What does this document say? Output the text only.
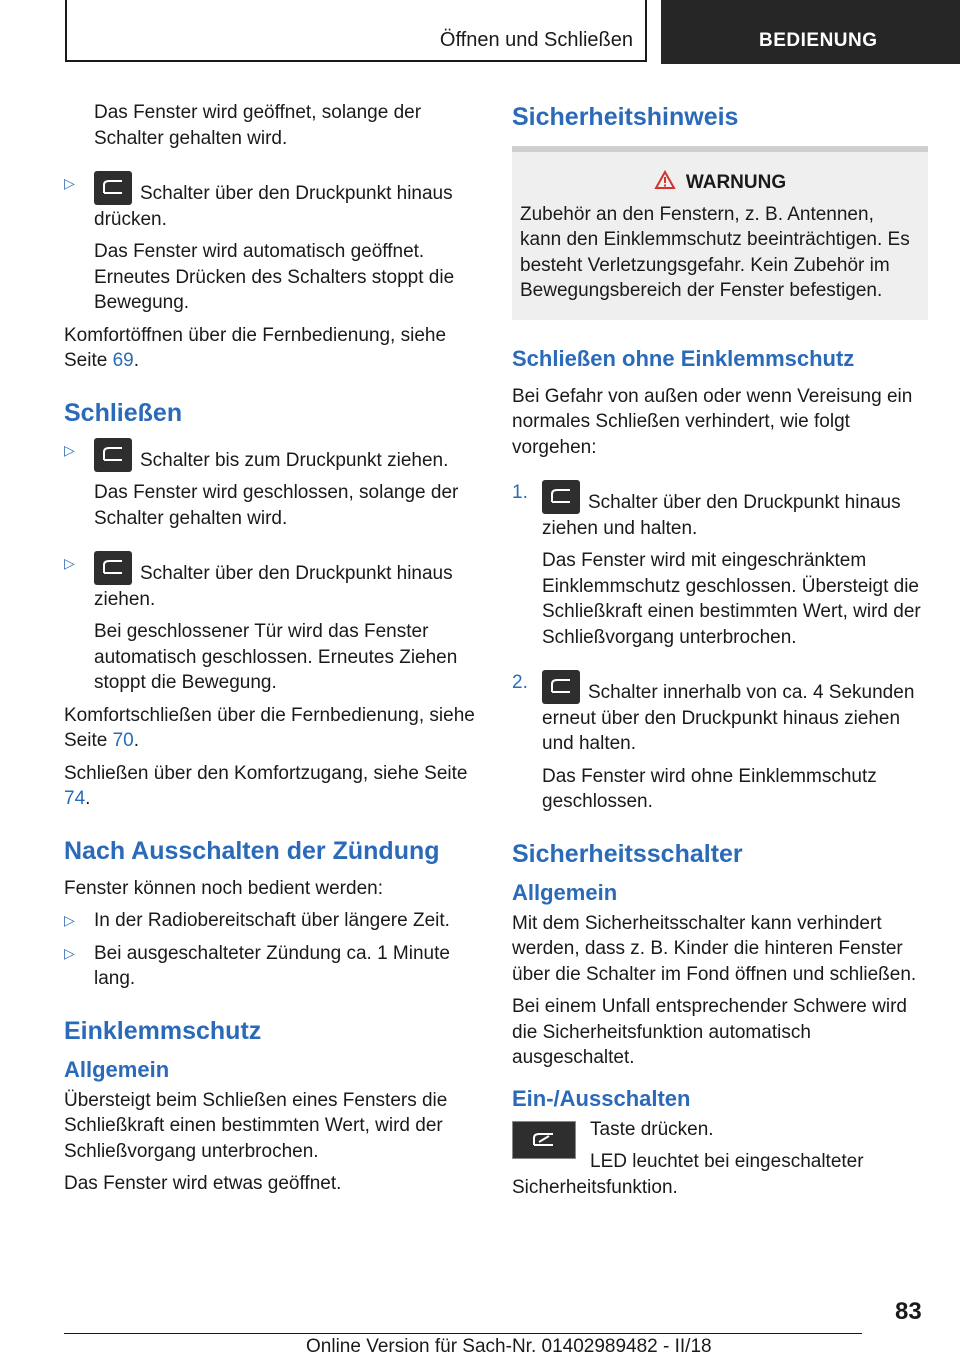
Öffnen und Schließen	BEDIENUNG

Das Fenster wird geöffnet, solange der Schalter gehalten wird.

▷	Schalter über den Druckpunkt hinaus drücken.

Das Fenster wird automatisch geöffnet. Erneutes Drücken des Schalters stoppt die Bewegung.

Komfortöffnen über die Fernbedienung, siehe Seite 69.

Schließen
▷	Schalter bis zum Druckpunkt ziehen.

Das Fenster wird geschlossen, solange der Schalter gehalten wird.

▷	Schalter über den Druckpunkt hinaus ziehen.

Bei geschlossener Tür wird das Fenster automatisch geschlossen. Erneutes Ziehen stoppt die Bewegung.

Komfortschließen über die Fernbedienung, siehe Seite 70.

Schließen über den Komfortzugang, siehe Seite 74.

Nach Ausschalten der Zündung

Fenster können noch bedient werden:

▷ In der Radiobereitschaft über längere Zeit.
▷ Bei ausgeschalteter Zündung ca. 1 Minute lang.
Einklemmschutz
Allgemein

Übersteigt beim Schließen eines Fensters die Schließkraft einen bestimmten Wert, wird der Schließvorgang unterbrochen.

Das Fenster wird etwas geöffnet.

Sicherheitshinweis
WARNUNG
Zubehör an den Fenstern, z. B. Antennen, kann den Einklemmschutz beeinträchtigen. Es besteht Verletzungsgefahr. Kein Zubehör im Bewegungsbereich der Fenster befestigen.
Schließen ohne Einklemmschutz

Bei Gefahr von außen oder wenn Vereisung ein normales Schließen verhindert, wie folgt vorgehen:

1.	Schalter über den Druckpunkt hinaus ziehen und halten.

Das Fenster wird mit eingeschränktem Einklemmschutz geschlossen. Übersteigt die Schließkraft einen bestimmten Wert, wird der Schließvorgang unterbrochen.

2.	Schalter innerhalb von ca. 4 Sekunden erneut über den Druckpunkt hinaus ziehen und halten.

Das Fenster wird ohne Einklemmschutz geschlossen.

Sicherheitsschalter
Allgemein

Mit dem Sicherheitsschalter kann verhindert werden, dass z. B. Kinder die hinteren Fenster über die Schalter im Fond öffnen und schließen.

Bei einem Unfall entsprechender Schwere wird die Sicherheitsfunktion automatisch ausgeschaltet.

Ein-/Ausschalten

Taste drücken.

LED leuchtet bei eingeschalteter Sicherheitsfunktion.

83
Online Version für Sach-Nr. 01402989482 - II/18
